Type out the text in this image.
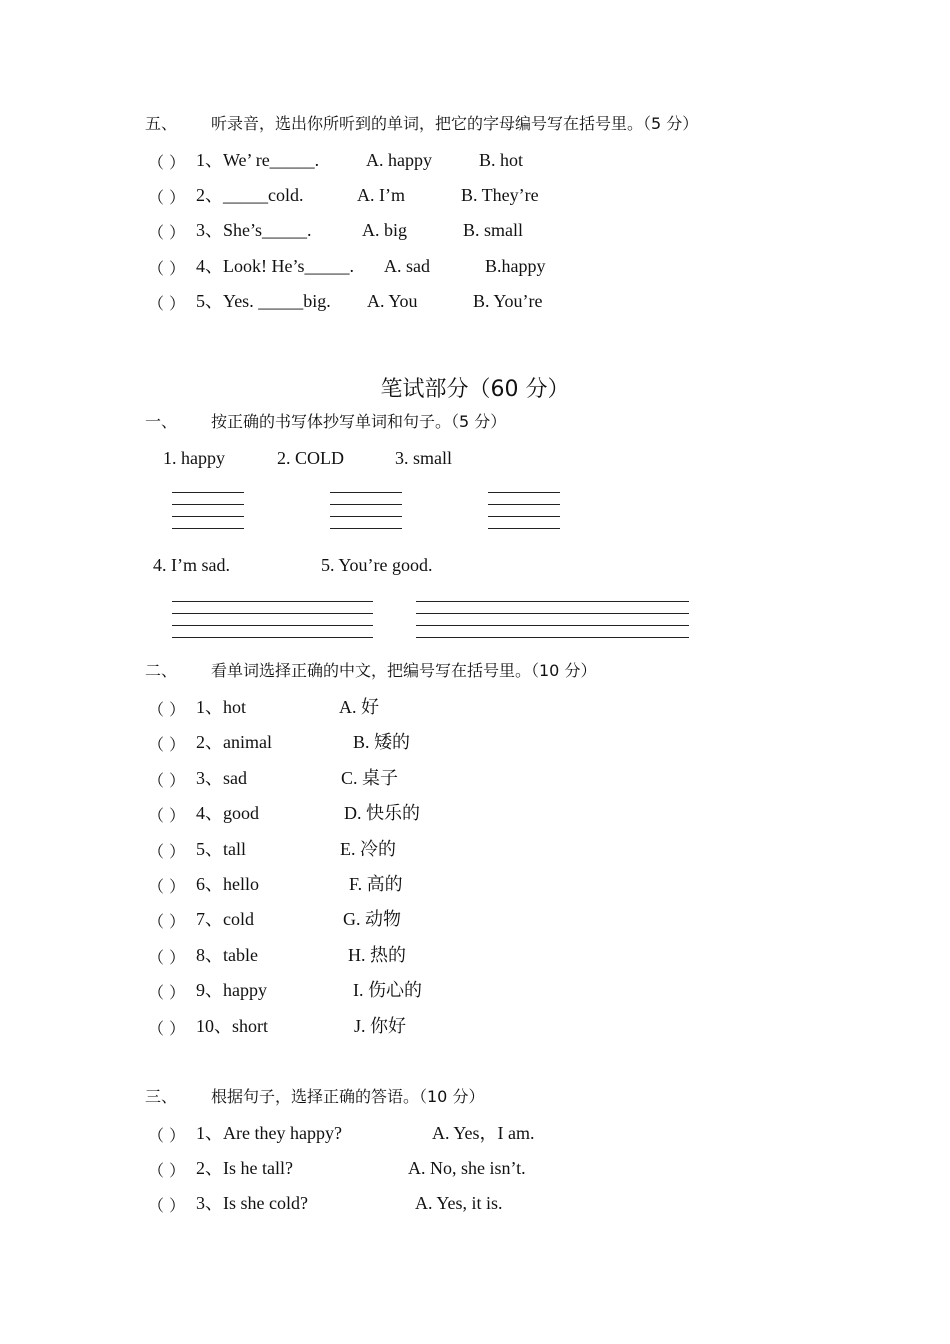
五、 听录音，选出你所听到的单词，把它的字母编号写在括号里。（5 分）
（ ） 1、We’ re_____.	A. happy	B. hot
（ ） 2、_____cold.	A. I’m	B. They’re
（ ） 3、She’s_____.	A. big	B. small
（ ） 4、Look! He’s_____. A. sad	B.happy
（ ） 5、Yes. _____big. A. You	B. You’re
笔试部分（60 分）
一、 按正确的书写体抄写单词和句子。（5 分）
1. happy	2. COLD	3. small
4. I’m sad.	5. You’re good.
二、 看单词选择正确的中文，把编号写在括号里。（10 分）
（ ） 1、hot	A. 好
（ ） 2、animal	B. 矮的
（ ） 3、sad	C. 桌子
（ ） 4、good	D. 快乐的
（ ） 5、tall	E. 冷的
（ ） 6、hello	F. 高的
（ ） 7、cold	G. 动物
（ ） 8、table	H. 热的
（ ） 9、happy	I. 伤心的
（ ） 10、short	J. 你好
三、 根据句子，选择正确的答语。（10 分）
（ ） 1、Are they happy?	A. Yes，I am.
（ ） 2、Is he tall?	A. No, she isn’t.
（ ） 3、Is she cold?	A. Yes, it is.
